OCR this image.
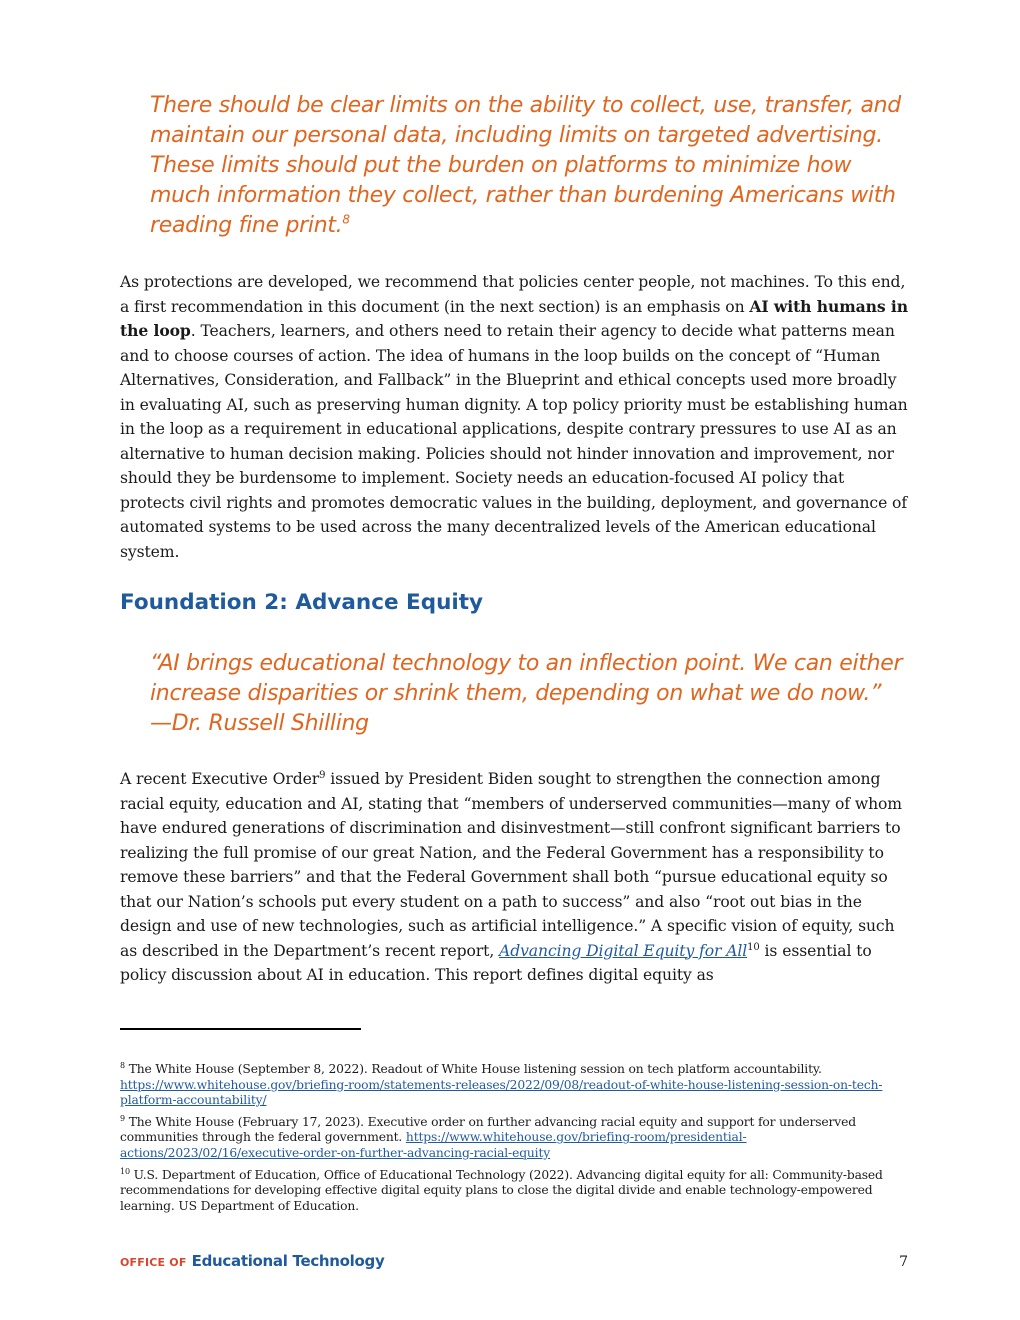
There should be clear limits on the ability to collect, use, transfer, and maintain our personal data, including limits on targeted advertising. These limits should put the burden on platforms to minimize how much information they collect, rather than burdening Americans with reading fine print.$^8$
As protections are developed, we recommend that policies center people, not machines. To this end, a first recommendation in this document (in the next section) is an emphasis on AI with humans in the loop. Teachers, learners, and others need to retain their agency to decide what patterns mean and to choose courses of action. The idea of humans in the loop builds on the concept of “Human Alternatives, Consideration, and Fallback” in the Blueprint and ethical concepts used more broadly in evaluating AI, such as preserving human dignity. A top policy priority must be establishing human in the loop as a requirement in educational applications, despite contrary pressures to use AI as an alternative to human decision making. Policies should not hinder innovation and improvement, nor should they be burdensome to implement. Society needs an education-focused AI policy that protects civil rights and promotes democratic values in the building, deployment, and governance of automated systems to be used across the many decentralized levels of the American educational system.
Foundation 2: Advance Equity
“AI brings educational technology to an inflection point. We can either increase disparities or shrink them, depending on what we do now.”
—Dr. Russell Shilling
A recent Executive Order$^9$ issued by President Biden sought to strengthen the connection among racial equity, education and AI, stating that “members of underserved communities—many of whom have endured generations of discrimination and disinvestment—still confront significant barriers to realizing the full promise of our great Nation, and the Federal Government has a responsibility to remove these barriers” and that the Federal Government shall both “pursue educational equity so that our Nation’s schools put every student on a path to success” and also “root out bias in the design and use of new technologies, such as artificial intelligence.” A specific vision of equity, such as described in the Department’s recent report, Advancing Digital Equity for All$^{10}$ is essential to policy discussion about AI in education. This report defines digital equity as

$^8$ The White House (September 8, 2022). Readout of White House listening session on tech platform accountability. https://www.whitehouse.gov/briefing-room/statements-releases/2022/09/08/readout-of-white-house-listening-session-on-tech-platform-accountability/

$^9$ The White House (February 17, 2023). Executive order on further advancing racial equity and support for underserved communities through the federal government. https://www.whitehouse.gov/briefing-room/presidential-actions/2023/02/16/executive-order-on-further-advancing-racial-equity

$^{10}$ U.S. Department of Education, Office of Educational Technology (2022). Advancing digital equity for all: Community-based recommendations for developing effective digital equity plans to close the digital divide and enable technology-empowered learning. US Department of Education.

OFFICE OF Educational Technology	7
